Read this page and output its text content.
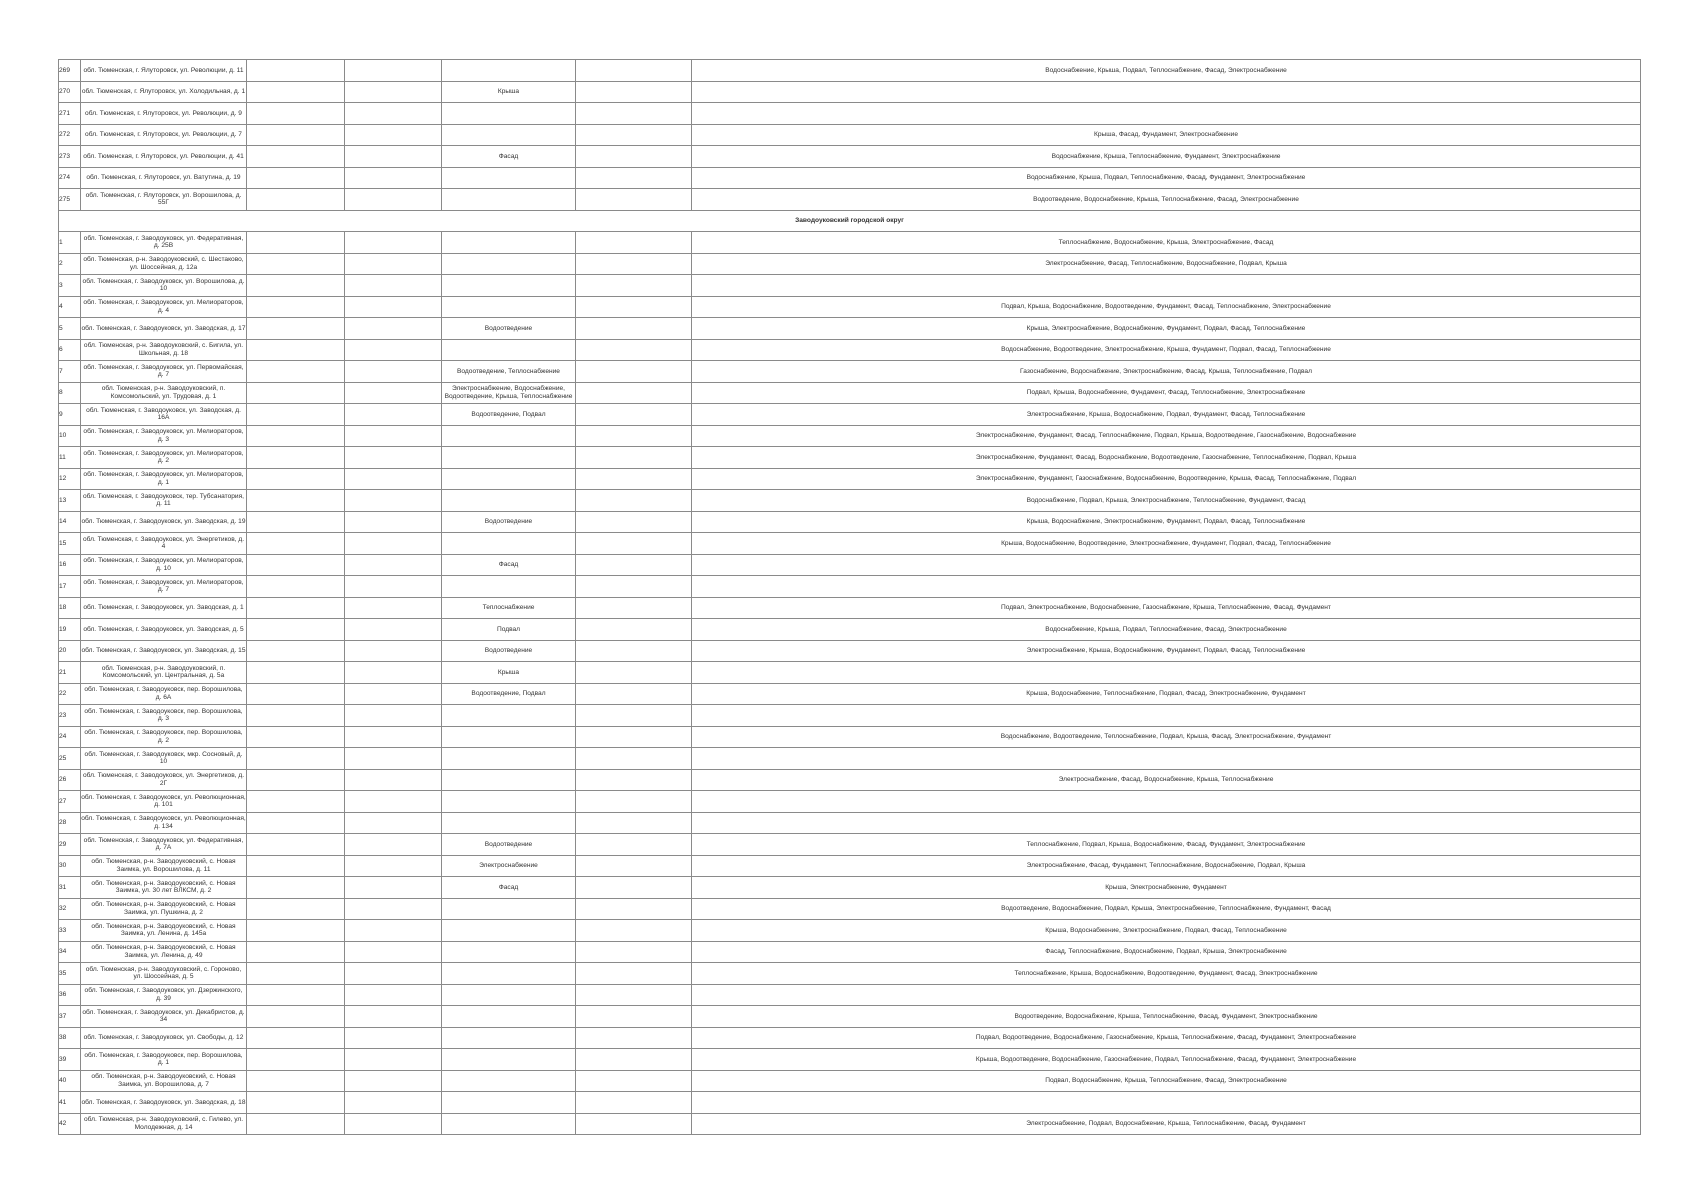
269	обл. Тюменская, г. Ялуторовск, ул. Революции, д. 11					Водоснабжение, Крыша, Подвал, Теплоснабжение, Фасад, Электроснабжение
270	обл. Тюменская, г. Ялуторовск, ул. Холодильная, д. 1			Крыша		
271	обл. Тюменская, г. Ялуторовск, ул. Революции, д. 9					
272	обл. Тюменская, г. Ялуторовск, ул. Революции, д. 7					Крыша, Фасад, Фундамент, Электроснабжение
273	обл. Тюменская, г. Ялуторовск, ул. Революции, д. 41			Фасад		Водоснабжение, Крыша, Теплоснабжение, Фундамент, Электроснабжение
274	обл. Тюменская, г. Ялуторовск, ул. Ватутина, д. 19					Водоснабжение, Крыша, Подвал, Теплоснабжение, Фасад, Фундамент, Электроснабжение
275	обл. Тюменская, г. Ялуторовск, ул. Ворошилова, д. 55Г					Водоотведение, Водоснабжение, Крыша, Теплоснабжение, Фасад, Электроснабжение
Заводоуковский городской округ						
1	обл. Тюменская, г. Заводоуковск, ул. Федеративная, д. 25В					Теплоснабжение, Водоснабжение, Крыша, Электроснабжение, Фасад
2	обл. Тюменская, р-н. Заводоуковский, с. Шестаково, ул. Шоссейная, д. 12а					Электроснабжение, Фасад, Теплоснабжение, Водоснабжение, Подвал, Крыша
3	обл. Тюменская, г. Заводоуковск, ул. Ворошилова, д. 10					
4	обл. Тюменская, г. Заводоуковск, ул. Мелиораторов, д. 4					Подвал, Крыша, Водоснабжение, Водоотведение, Фундамент, Фасад, Теплоснабжение, Электроснабжение
5	обл. Тюменская, г. Заводоуковск, ул. Заводская, д. 17			Водоотведение		Крыша, Электроснабжение, Водоснабжение, Фундамент, Подвал, Фасад, Теплоснабжение
6	обл. Тюменская, р-н. Заводоуковский, с. Бигила, ул. Школьная, д. 18					Водоснабжение, Водоотведение, Электроснабжение, Крыша, Фундамент, Подвал, Фасад, Теплоснабжение
7	обл. Тюменская, г. Заводоуковск, ул. Первомайская, д. 7			Водоотведение, Теплоснабжение		Газоснабжение, Водоснабжение, Электроснабжение, Фасад, Крыша, Теплоснабжение, Подвал
8	обл. Тюменская, р-н. Заводоуковский, п. Комсомольский, ул. Трудовая, д. 1			Электроснабжение, Водоснабжение, Водоотведение, Крыша, Теплоснабжение		Подвал, Крыша, Водоснабжение, Фундамент, Фасад, Теплоснабжение, Электроснабжение
9	обл. Тюменская, г. Заводоуковск, ул. Заводская, д. 16А			Водоотведение, Подвал		Электроснабжение, Крыша, Водоснабжение, Подвал, Фундамент, Фасад, Теплоснабжение
10	обл. Тюменская, г. Заводоуковск, ул. Мелиораторов, д. 3					Электроснабжение, Фундамент, Фасад, Теплоснабжение, Подвал, Крыша, Водоотведение, Газоснабжение, Водоснабжение
11	обл. Тюменская, г. Заводоуковск, ул. Мелиораторов, д. 2					Электроснабжение, Фундамент, Фасад, Водоснабжение, Водоотведение, Газоснабжение, Теплоснабжение, Подвал, Крыша
12	обл. Тюменская, г. Заводоуковск, ул. Мелиораторов, д. 1					Электроснабжение, Фундамент, Газоснабжение, Водоснабжение, Водоотведение, Крыша, Фасад, Теплоснабжение, Подвал
13	обл. Тюменская, г. Заводоуковск, тер. Тубсанатория, д. 11					Водоснабжение, Подвал, Крыша, Электроснабжение, Теплоснабжение, Фундамент, Фасад
14	обл. Тюменская, г. Заводоуковск, ул. Заводская, д. 19			Водоотведение		Крыша, Водоснабжение, Электроснабжение, Фундамент, Подвал, Фасад, Теплоснабжение
15	обл. Тюменская, г. Заводоуковск, ул. Энергетиков, д. 4					Крыша, Водоснабжение, Водоотведение, Электроснабжение, Фундамент, Подвал, Фасад, Теплоснабжение
16	обл. Тюменская, г. Заводоуковск, ул. Мелиораторов, д. 10			Фасад		
17	обл. Тюменская, г. Заводоуковск, ул. Мелиораторов, д. 7					
18	обл. Тюменская, г. Заводоуковск, ул. Заводская, д. 1			Теплоснабжение		Подвал, Электроснабжение, Водоснабжение, Газоснабжение, Крыша, Теплоснабжение, Фасад, Фундамент
19	обл. Тюменская, г. Заводоуковск, ул. Заводская, д. 5			Подвал		Водоснабжение, Крыша, Подвал, Теплоснабжение, Фасад, Электроснабжение
20	обл. Тюменская, г. Заводоуковск, ул. Заводская, д. 15			Водоотведение		Электроснабжение, Крыша, Водоснабжение, Фундамент, Подвал, Фасад, Теплоснабжение
21	обл. Тюменская, р-н. Заводоуковский, п. Комсомольский, ул. Центральная, д. 5а			Крыша		
22	обл. Тюменская, г. Заводоуковск, пер. Ворошилова, д. 6А			Водоотведение, Подвал		Крыша, Водоснабжение, Теплоснабжение, Подвал, Фасад, Электроснабжение, Фундамент
23	обл. Тюменская, г. Заводоуковск, пер. Ворошилова, д. 3					
24	обл. Тюменская, г. Заводоуковск, пер. Ворошилова, д. 2					Водоснабжение, Водоотведение, Теплоснабжение, Подвал, Крыша, Фасад, Электроснабжение, Фундамент
25	обл. Тюменская, г. Заводоуковск, мкр. Сосновый, д. 10					
26	обл. Тюменская, г. Заводоуковск, ул. Энергетиков, д. 2Г					Электроснабжение, Фасад, Водоснабжение, Крыша, Теплоснабжение
27	обл. Тюменская, г. Заводоуковск, ул. Революционная, д. 101					
28	обл. Тюменская, г. Заводоуковск, ул. Революционная, д. 134					
29	обл. Тюменская, г. Заводоуковск, ул. Федеративная, д. 7А			Водоотведение		Теплоснабжение, Подвал, Крыша, Водоснабжение, Фасад, Фундамент, Электроснабжение
30	обл. Тюменская, р-н. Заводоуковский, с. Новая Заимка, ул. Ворошилова, д. 11			Электроснабжение		Электроснабжение, Фасад, Фундамент, Теплоснабжение, Водоснабжение, Подвал, Крыша
31	обл. Тюменская, р-н. Заводоуковский, с. Новая Заимка, ул. 30 лет ВЛКСМ, д. 2			Фасад		Крыша, Электроснабжение, Фундамент
32	обл. Тюменская, р-н. Заводоуковский, с. Новая Заимка, ул. Пушкина, д. 2					Водоотведение, Водоснабжение, Подвал, Крыша, Электроснабжение, Теплоснабжение, Фундамент, Фасад
33	обл. Тюменская, р-н. Заводоуковский, с. Новая Заимка, ул. Ленина, д. 145а					Крыша, Водоснабжение, Электроснабжение, Подвал, Фасад, Теплоснабжение
34	обл. Тюменская, р-н. Заводоуковский, с. Новая Заимка, ул. Ленина, д. 49					Фасад, Теплоснабжение, Водоснабжение, Подвал, Крыша, Электроснабжение
35	обл. Тюменская, р-н. Заводоуковский, с. Гороново, ул. Шоссейная, д. 5					Теплоснабжение, Крыша, Водоснабжение, Водоотведение, Фундамент, Фасад, Электроснабжение
36	обл. Тюменская, г. Заводоуковск, ул. Дзержинского, д. 39					
37	обл. Тюменская, г. Заводоуковск, ул. Декабристов, д. 34					Водоотведение, Водоснабжение, Крыша, Теплоснабжение, Фасад, Фундамент, Электроснабжение
38	обл. Тюменская, г. Заводоуковск, ул. Свободы, д. 12					Подвал, Водоотведение, Водоснабжение, Газоснабжение, Крыша, Теплоснабжение, Фасад, Фундамент, Электроснабжение
39	обл. Тюменская, г. Заводоуковск, пер. Ворошилова, д. 1					Крыша, Водоотведение, Водоснабжение, Газоснабжение, Подвал, Теплоснабжение, Фасад, Фундамент, Электроснабжение
40	обл. Тюменская, р-н. Заводоуковский, с. Новая Заимка, ул. Ворошилова, д. 7					Подвал, Водоснабжение, Крыша, Теплоснабжение, Фасад, Электроснабжение
41	обл. Тюменская, г. Заводоуковск, ул. Заводская, д. 18					
42	обл. Тюменская, р-н. Заводоуковский, с. Гилево, ул. Молодежная, д. 14					Электроснабжение, Подвал, Водоснабжение, Крыша, Теплоснабжение, Фасад, Фундамент
